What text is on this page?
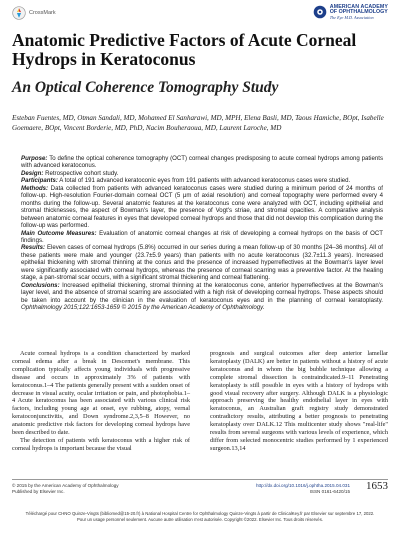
CrossMark
AMERICAN ACADEMY
OF OPHTHALMOLOGY
The Eye M.D. Association
Anatomic Predictive Factors of Acute Corneal Hydrops in Keratoconus
An Optical Coherence Tomography Study

Esteban Fuentes, MD, Otman Sandali, MD, Mohamed El Sanharawi, MD, MPH, Elena Basli, MD, Taous Hamiche, BOpt, Isabelle Goemaere, BOpt, Vincent Borderie, MD, PhD, Nacim Bouheraoua, MD, Laurent Laroche, MD

Purpose: To define the optical coherence tomography (OCT) corneal changes predisposing to acute corneal hydrops among patients with advanced keratoconus.

Design: Retrospective cohort study.

Participants: A total of 191 advanced keratoconic eyes from 191 patients with advanced keratoconus cases were studied.

Methods: Data collected from patients with advanced keratoconus cases were studied during a minimum period of 24 months of follow-up. High-resolution Fourier-domain corneal OCT (5 μm of axial resolution) and corneal topography were performed every 4 months during the follow-up. Several anatomic features at the keratoconus cone were analyzed with OCT, including epithelial and stromal thicknesses, the aspect of Bowman's layer, the presence of Vogt's striae, and stromal opacities. A comparative analysis between anatomic corneal features in eyes that developed corneal hydrops and those that did not develop this complication during the follow-up was performed.

Main Outcome Measures: Evaluation of anatomic corneal changes at risk of developing a corneal hydrops on the basis of OCT findings.

Results: Eleven cases of corneal hydrops (5.8%) occurred in our series during a mean follow-up of 30 months [24–36 months]. All of these patients were male and younger (23.7±5.9 years) than patients with no acute keratoconus (32.7±11.3 years). Increased epithelial thickening with stromal thinning at the conus and the presence of increased hyperreflectives at the Bowman's layer level were significantly associated with corneal hydrops, whereas the presence of corneal scarring was a preventive factor. At the healing stage, a pan-stromal scar occurs, with a significant stromal thickening and corneal flattening.

Conclusions: Increased epithelial thickening, stromal thinning at the keratoconus cone, anterior hyperreflectives at the Bowman's layer level, and the absence of stromal scarring are associated with a high risk of developing corneal hydrops. These aspects should be taken into account by the clinician in the evaluation of keratoconus eyes and in the planning of corneal keratoplasty. Ophthalmology 2015;122:1653-1659 © 2015 by the American Academy of Ophthalmology.

Acute corneal hydrops is a condition characterized by marked corneal edema after a break in Descemet's membrane. This complication typically affects young individuals with progressive disease and occurs in approximately 3% of patients with keratoconus.1–4 The patients generally present with a sudden onset of decrease in visual acuity, ocular irritation or pain, and photophobia.1–4 Acute keratoconus has been associated with various clinical risk factors, including young age at onset, eye rubbing, atopy, vernal keratoconjunctivitis, and Down syndrome.2,3,5–8 However, no anatomic predictive risk factors for developing corneal hydrops have been described to date.

The detection of patients with keratoconus with a higher risk of corneal hydrops is important because the visual

prognosis and surgical outcomes after deep anterior lamellar keratoplasty (DALK) are better in patients without a history of acute keratoconus and in whom the big bubble technique allowing a complete stromal dissection is contraindicated.9–11 Penetrating keratoplasty is still possible in eyes with a history of hydrops with good visual recovery after surgery. Although DALK is a physiologic approach preserving the healthy endothelial layer in eyes with keratoconus, an Australian graft registry study demonstrated contradictory results, attributing a better prognosis to penetrating keratoplasty over DALK.12 This multicenter study shows "real-life" results from several surgeons with various levels of experience, which differ from selected monocentric studies performed by 1 experienced surgeon.13,14

© 2015 by the American Academy of Ophthalmology
Published by Elsevier Inc.
http://dx.doi.org/10.1016/j.ophtha.2015.04.031
ISSN 0161-6420/15 1653
Téléchargé pour CHNO Quinze-Vingts (bibliomed@15-20.fr) à National Hospital Centre for Ophthalmology Quinze-Vingts à partir de ClinicalKey.fr par Elsevier sur septembre 17, 2022. Pour un usage personnel seulement. Aucune autre utilisation n'est autorisée. Copyright ©2022. Elsevier Inc. Tous droits réservés.
